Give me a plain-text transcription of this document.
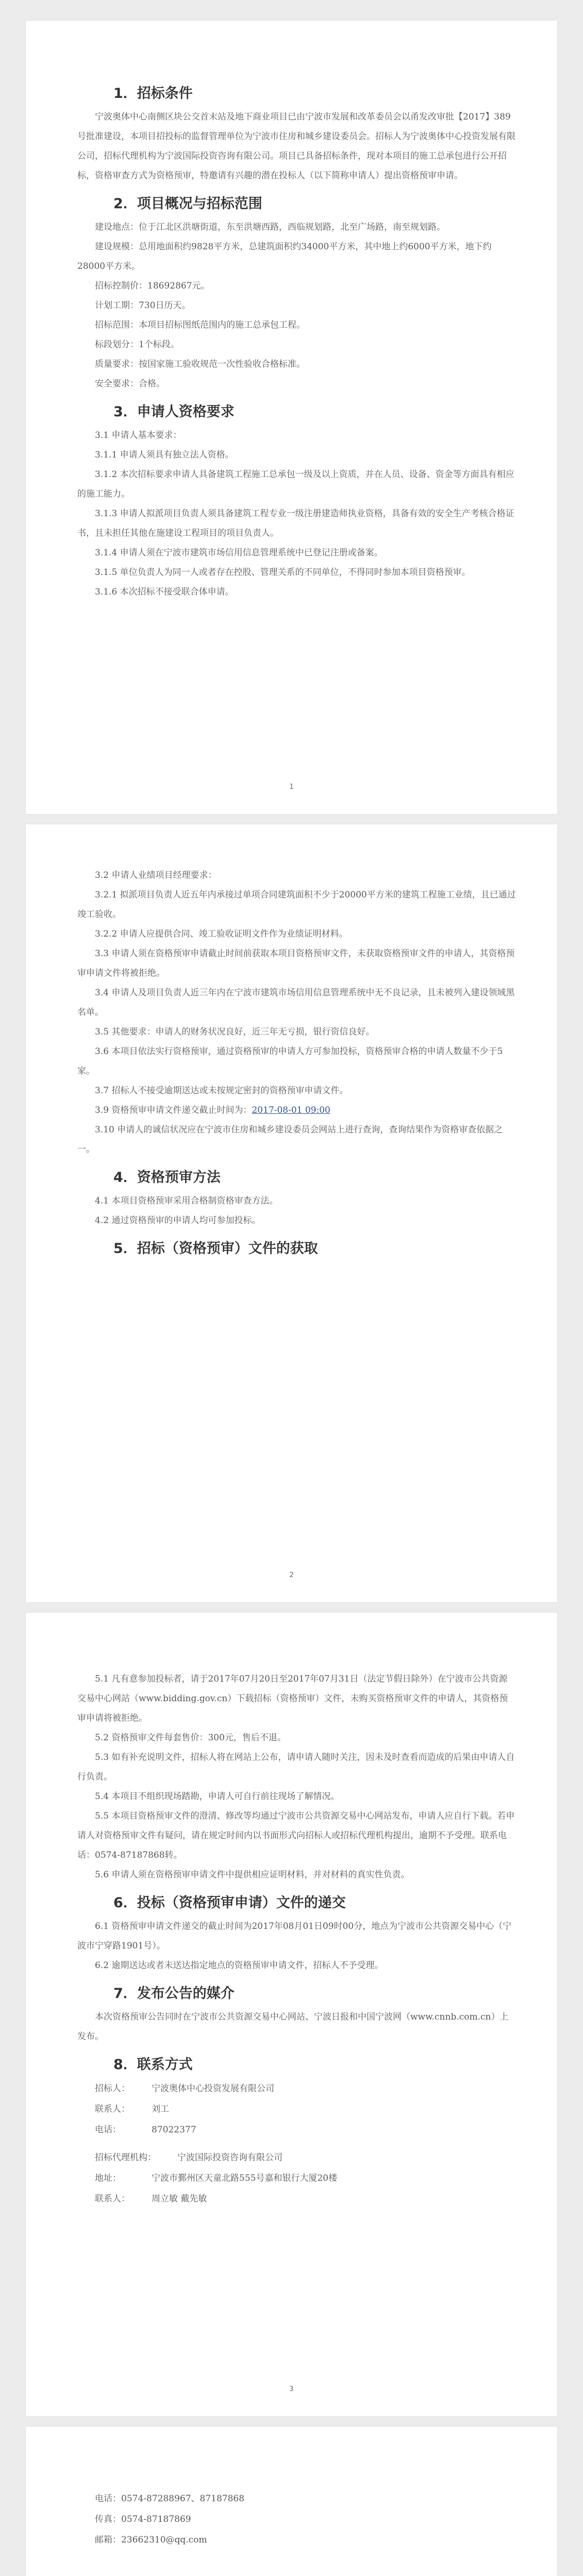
1．招标条件

宁波奥体中心南侧区块公交首末站及地下商业项目已由宁波市发展和改革委员会以甬发改审批【2017】389号批准建设，本项目招投标的监督管理单位为宁波市住房和城乡建设委员会。招标人为宁波奥体中心投资发展有限公司，招标代理机构为宁波国际投资咨询有限公司。项目已具备招标条件，现对本项目的施工总承包进行公开招标，资格审查方式为资格预审，特邀请有兴趣的潜在投标人（以下简称申请人）提出资格预审申请。

2．项目概况与招标范围

建设地点：位于江北区洪塘街道，东至洪塘西路，西临规划路，北至广场路，南至规划路。

建设规模：总用地面积约9828平方米，总建筑面积约34000平方米，其中地上约6000平方米，地下约28000平方米。

招标控制价：18692867元。

计划工期：730日历天。

招标范围：本项目招标图纸范围内的施工总承包工程。

标段划分：1个标段。

质量要求：按国家施工验收规范一次性验收合格标准。

安全要求：合格。

3．申请人资格要求

3.1 申请人基本要求：

3.1.1 申请人须具有独立法人资格。

3.1.2 本次招标要求申请人具备建筑工程施工总承包一级及以上资质，并在人员、设备、资金等方面具有相应的施工能力。

3.1.3 申请人拟派项目负责人须具备建筑工程专业一级注册建造师执业资格，具备有效的安全生产考核合格证书，且未担任其他在施建设工程项目的项目负责人。

3.1.4 申请人须在宁波市建筑市场信用信息管理系统中已登记注册或备案。

3.1.5 单位负责人为同一人或者存在控股、管理关系的不同单位，不得同时参加本项目资格预审。

3.1.6 本次招标不接受联合体申请。

1

3.2 申请人业绩项目经理要求：

3.2.1 拟派项目负责人近五年内承接过单项合同建筑面积不少于20000平方米的建筑工程施工业绩，且已通过竣工验收。

3.2.2 申请人应提供合同、竣工验收证明文件作为业绩证明材料。

3.3 申请人须在资格预审申请截止时间前获取本项目资格预审文件，未获取资格预审文件的申请人，其资格预审申请文件将被拒绝。

3.4 申请人及项目负责人近三年内在宁波市建筑市场信用信息管理系统中无不良记录，且未被列入建设领域黑名单。

3.5 其他要求：申请人的财务状况良好，近三年无亏损，银行资信良好。

3.6 本项目依法实行资格预审，通过资格预审的申请人方可参加投标，资格预审合格的申请人数量不少于5家。

3.7 招标人不接受逾期送达或未按规定密封的资格预审申请文件。

3.9 资格预审申请文件递交截止时间为：2017-08-01 09:00

3.10 申请人的诚信状况应在宁波市住房和城乡建设委员会网站上进行查询，查询结果作为资格审查依据之一。

4．资格预审方法

4.1 本项目资格预审采用合格制资格审查方法。

4.2 通过资格预审的申请人均可参加投标。

5．招标（资格预审）文件的获取
2

5.1 凡有意参加投标者，请于2017年07月20日至2017年07月31日（法定节假日除外）在宁波市公共资源交易中心网站（www.bidding.gov.cn）下载招标（资格预审）文件，未购买资格预审文件的申请人，其资格预审申请将被拒绝。

5.2 资格预审文件每套售价：300元，售后不退。

5.3 如有补充说明文件，招标人将在网站上公布，请申请人随时关注，因未及时查看而造成的后果由申请人自行负责。

5.4 本项目不组织现场踏勘，申请人可自行前往现场了解情况。

5.5 本项目资格预审文件的澄清、修改等均通过宁波市公共资源交易中心网站发布，申请人应自行下载。若申请人对资格预审文件有疑问，请在规定时间内以书面形式向招标人或招标代理机构提出，逾期不予受理。联系电话：0574-87187868转。

5.6 申请人须在资格预审申请文件中提供相应证明材料，并对材料的真实性负责。

6．投标（资格预审申请）文件的递交

6.1 资格预审申请文件递交的截止时间为2017年08月01日09时00分，地点为宁波市公共资源交易中心（宁波市宁穿路1901号）。

6.2 逾期送达或者未送达指定地点的资格预审申请文件，招标人不予受理。

7．发布公告的媒介

本次资格预审公告同时在宁波市公共资源交易中心网站、宁波日报和中国宁波网（www.cnnb.com.cn）上发布。

8．联系方式
招标人： 宁波奥体中心投资发展有限公司
联系人： 刘工
电话：	87022377
招标代理机构： 宁波国际投资咨询有限公司
地址：	宁波市鄞州区天童北路555号嘉和银行大厦20楼
联系人： 周立敏 戴先敏
3
电话：0574-87288967、87187868
传真：0574-87187869
邮箱：23662310@qq.com
